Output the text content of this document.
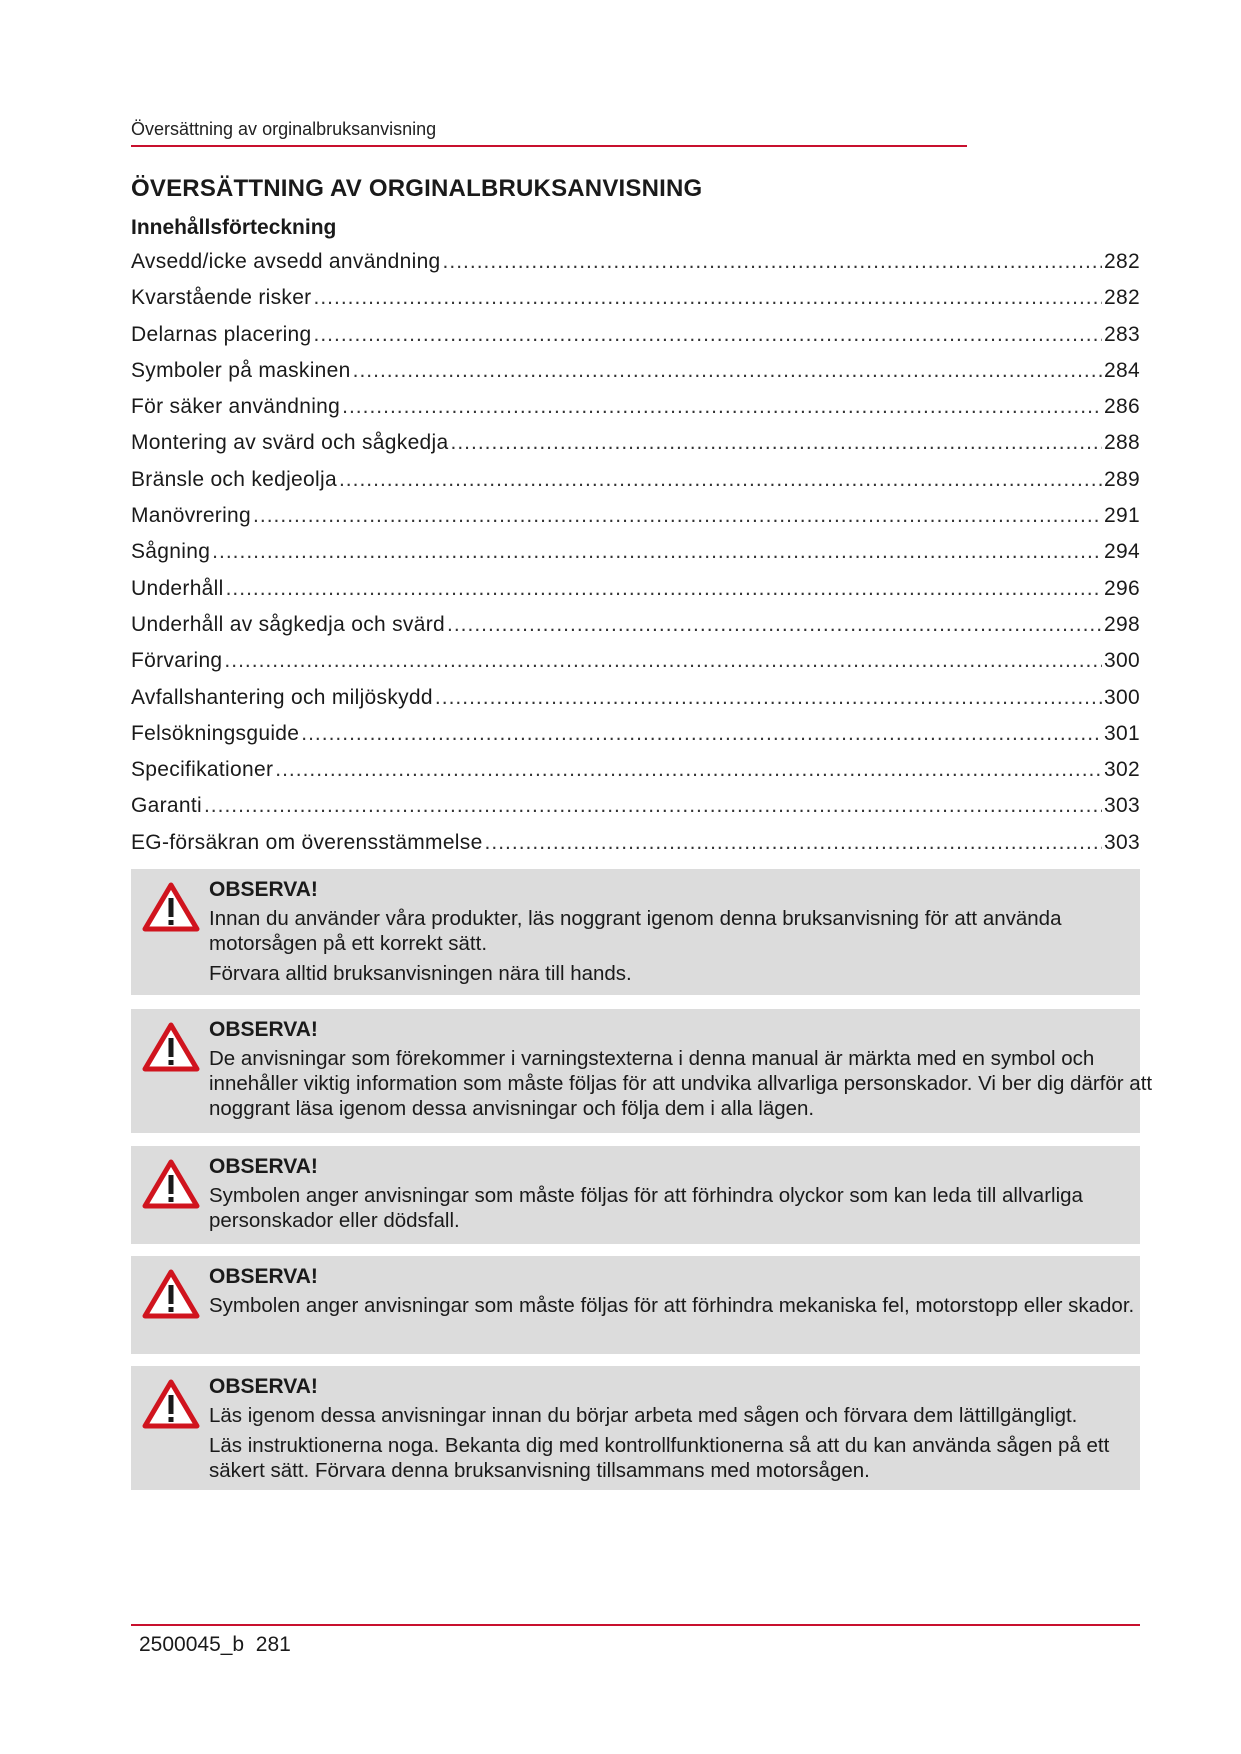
Översättning av orginalbruksanvisning
ÖVERSÄTTNING AV ORGINALBRUKSANVISNING
Innehållsförteckning
Avsedd/icke avsedd användning .....	282
Kvarstående risker .....	282
Delarnas placering .....	283
Symboler på maskinen .....	284
För säker användning .....	286
Montering av svärd och sågkedja .....	288
Bränsle och kedjeolja .....	289
Manövrering .....	291
Sågning .....	294
Underhåll .....	296
Underhåll av sågkedja och svärd .....	298
Förvaring .....	300
Avfallshantering och miljöskydd .....	300
Felsökningsguide .....	301
Specifikationer .....	302
Garanti .....	303
EG-försäkran om överensstämmelse .....	303
OBSERVA!
Innan du använder våra produkter, läs noggrant igenom denna bruksanvisning för att använda motorsågen på ett korrekt sätt.
Förvara alltid bruksanvisningen nära till hands.
OBSERVA!
De anvisningar som förekommer i varningstexterna i denna manual är märkta med en symbol och innehåller viktig information som måste följas för att undvika allvarliga personskador. Vi ber dig därför att noggrant läsa igenom dessa anvisningar och följa dem i alla lägen.
OBSERVA!
Symbolen anger anvisningar som måste följas för att förhindra olyckor som kan leda till allvarliga personskador eller dödsfall.
OBSERVA!
Symbolen anger anvisningar som måste följas för att förhindra mekaniska fel, motorstopp eller skador.
OBSERVA!
Läs igenom dessa anvisningar innan du börjar arbeta med sågen och förvara dem lättillgängligt.
Läs instruktionerna noga. Bekanta dig med kontrollfunktionerna så att du kan använda sågen på ett säkert sätt. Förvara denna bruksanvisning tillsammans med motorsågen.
2500045_b 281
